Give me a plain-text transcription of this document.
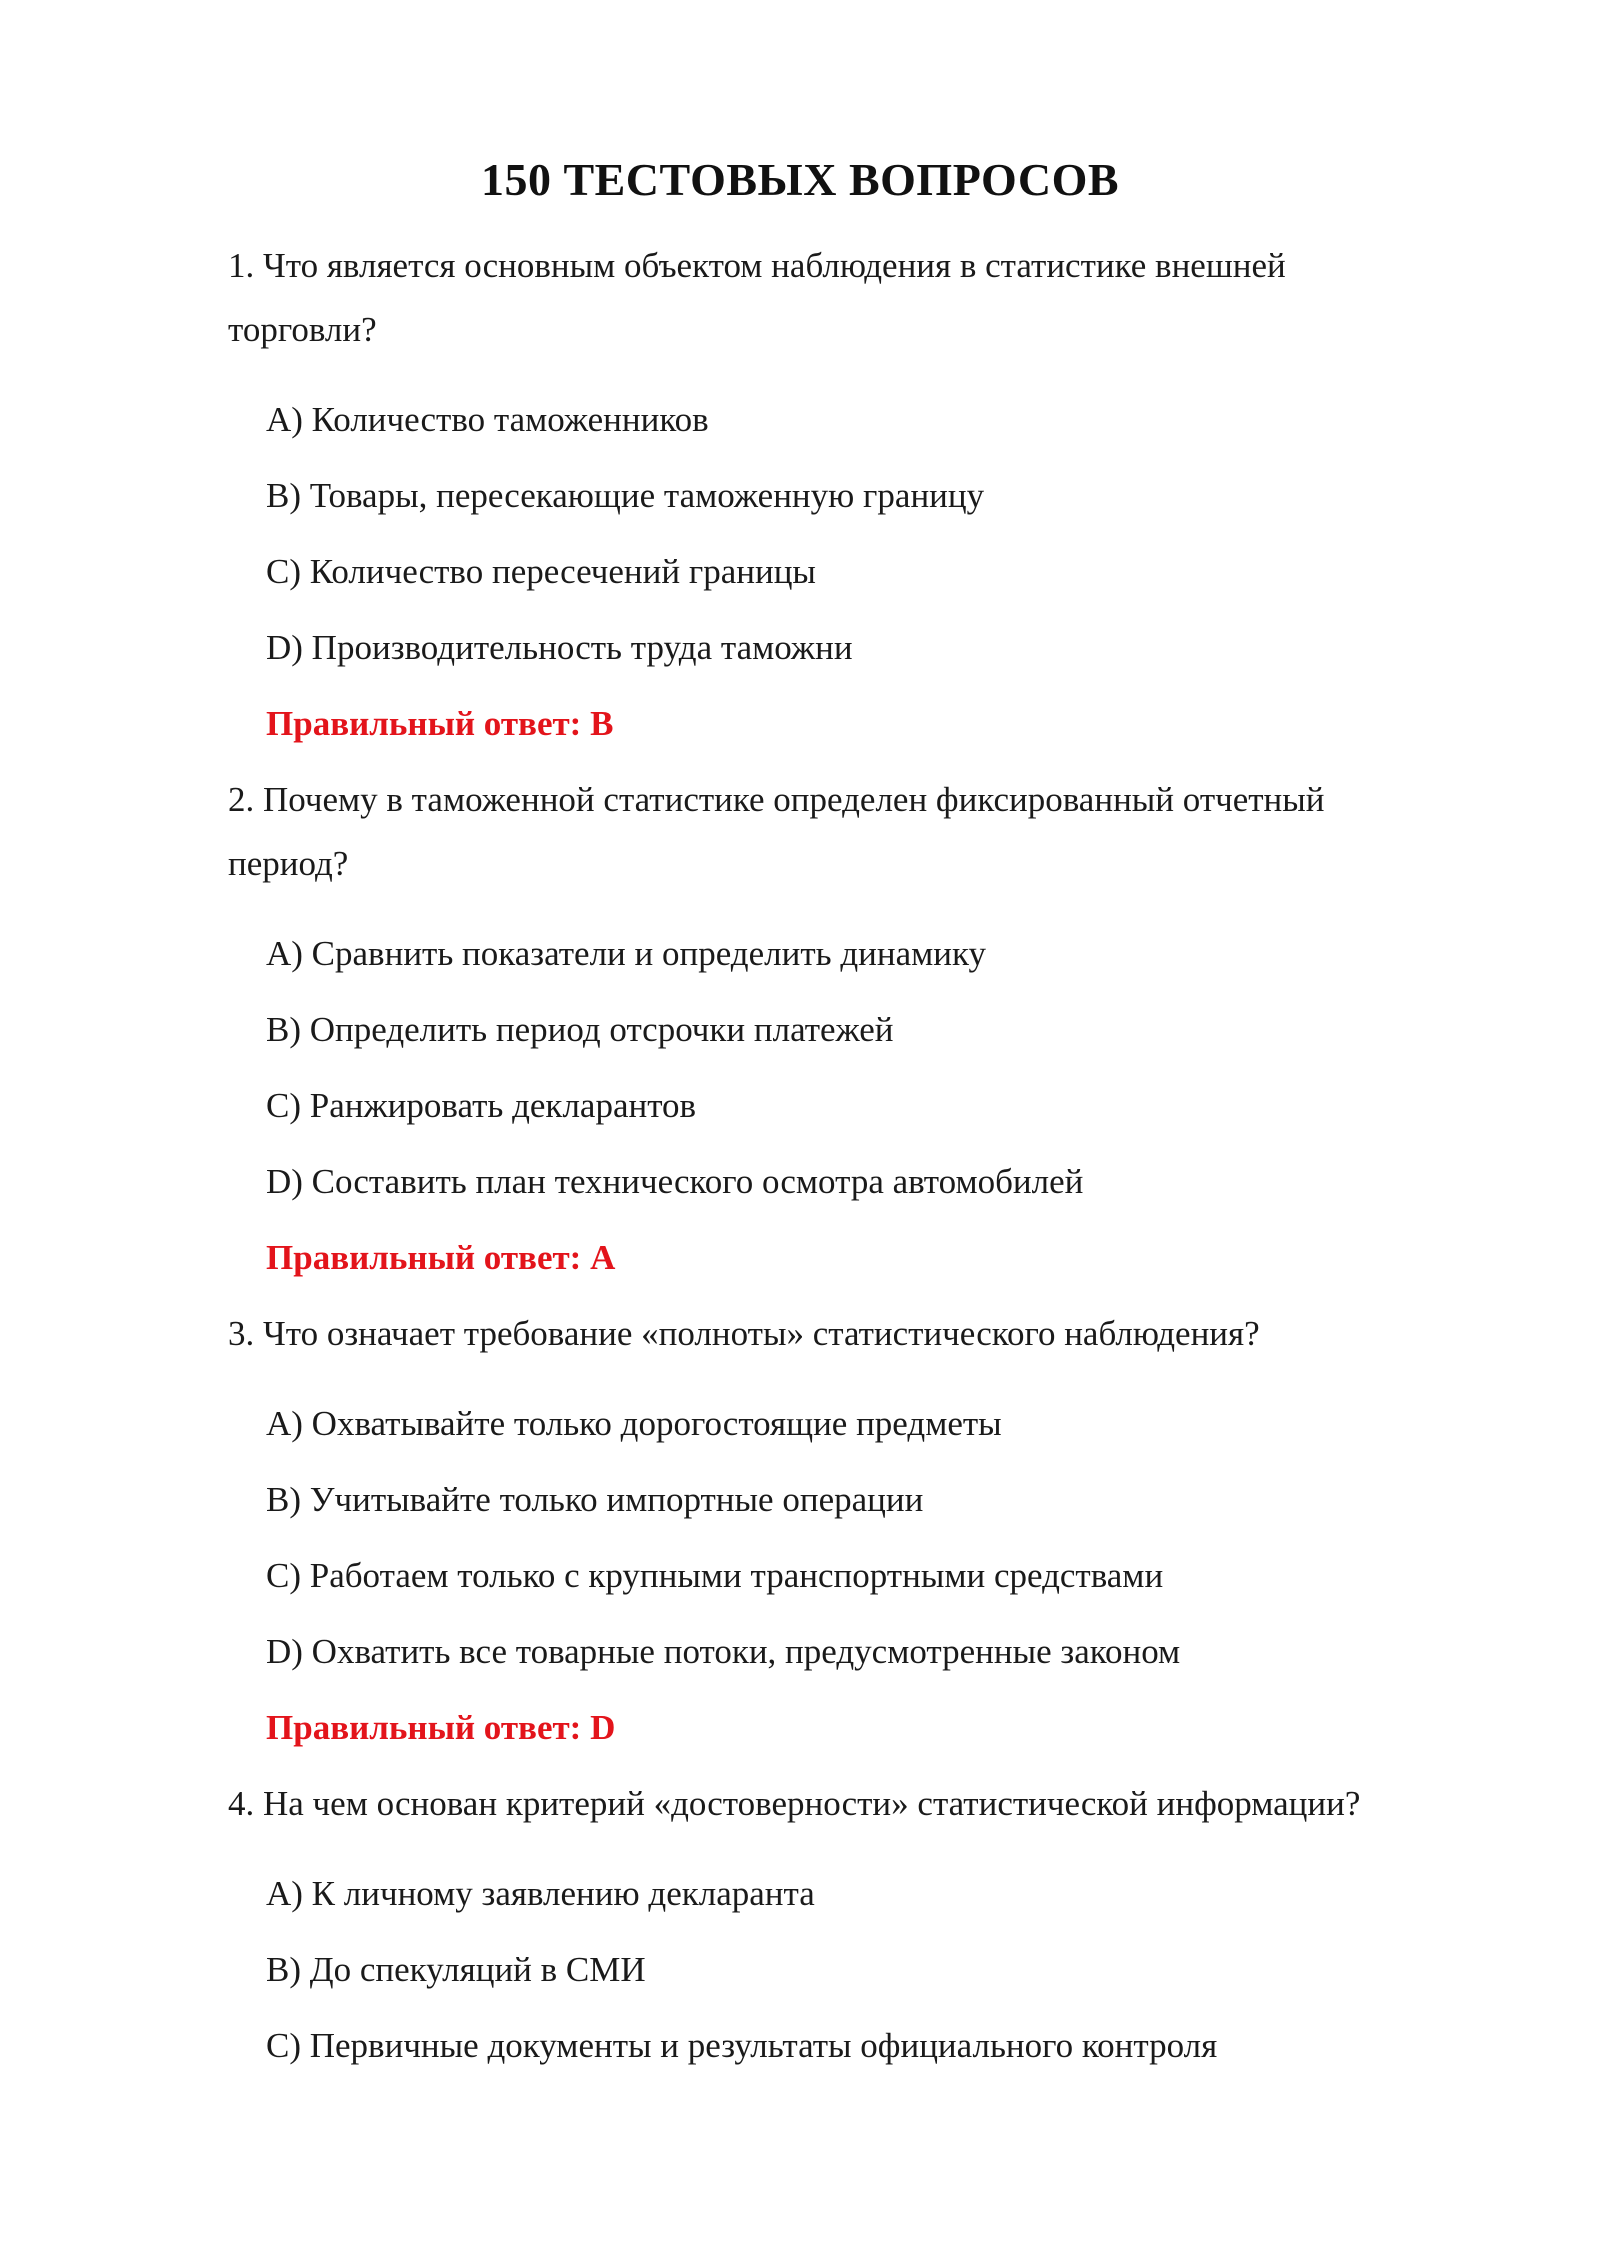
150 ТЕСТОВЫХ ВОПРОСОВ
1. Что является основным объектом наблюдения в статистике внешней
торговли?
A) Количество таможенников
B) Товары, пересекающие таможенную границу
C) Количество пересечений границы
D) Производительность труда таможни
Правильный ответ: B
2. Почему в таможенной статистике определен фиксированный отчетный
период?
A) Сравнить показатели и определить динамику
B) Определить период отсрочки платежей
C) Ранжировать декларантов
D) Составить план технического осмотра автомобилей
Правильный ответ: A
3. Что означает требование «полноты» статистического наблюдения?
A) Охватывайте только дорогостоящие предметы
B) Учитывайте только импортные операции
C) Работаем только с крупными транспортными средствами
D) Охватить все товарные потоки, предусмотренные законом
Правильный ответ: D
4. На чем основан критерий «достоверности» статистической информации?
A) К личному заявлению декларанта
B) До спекуляций в СМИ
C) Первичные документы и результаты официального контроля
